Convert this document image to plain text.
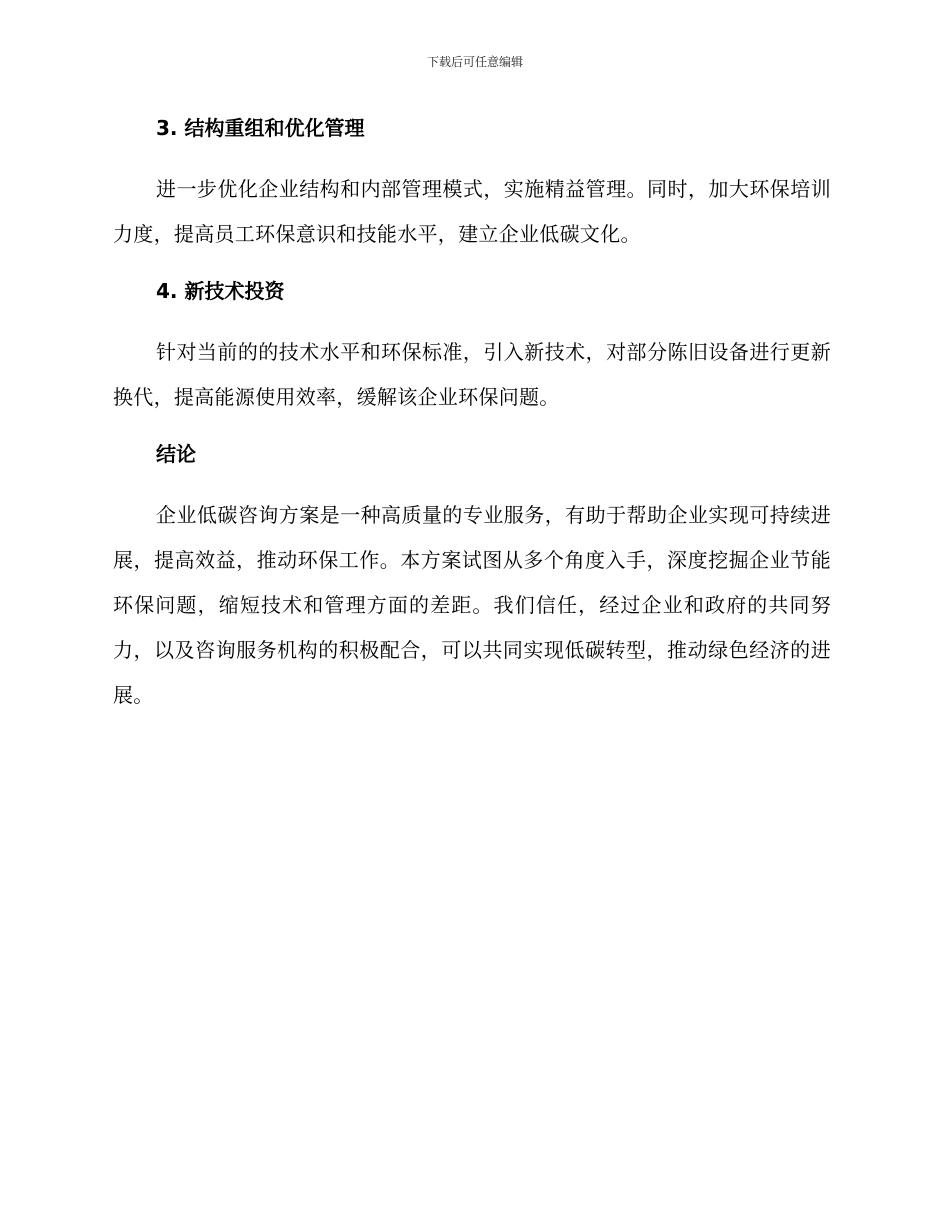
下载后可任意编辑
3. 结构重组和优化管理

进一步优化企业结构和内部管理模式，实施精益管理。同时，加大环保培训力度，提高员工环保意识和技能水平，建立企业低碳文化。

4. 新技术投资

针对当前的的技术水平和环保标准，引入新技术，对部分陈旧设备进行更新换代，提高能源使用效率，缓解该企业环保问题。

结论

企业低碳咨询方案是一种高质量的专业服务，有助于帮助企业实现可持续进展，提高效益，推动环保工作。本方案试图从多个角度入手，深度挖掘企业节能环保问题，缩短技术和管理方面的差距。我们信任，经过企业和政府的共同努力，以及咨询服务机构的积极配合，可以共同实现低碳转型，推动绿色经济的进展。
